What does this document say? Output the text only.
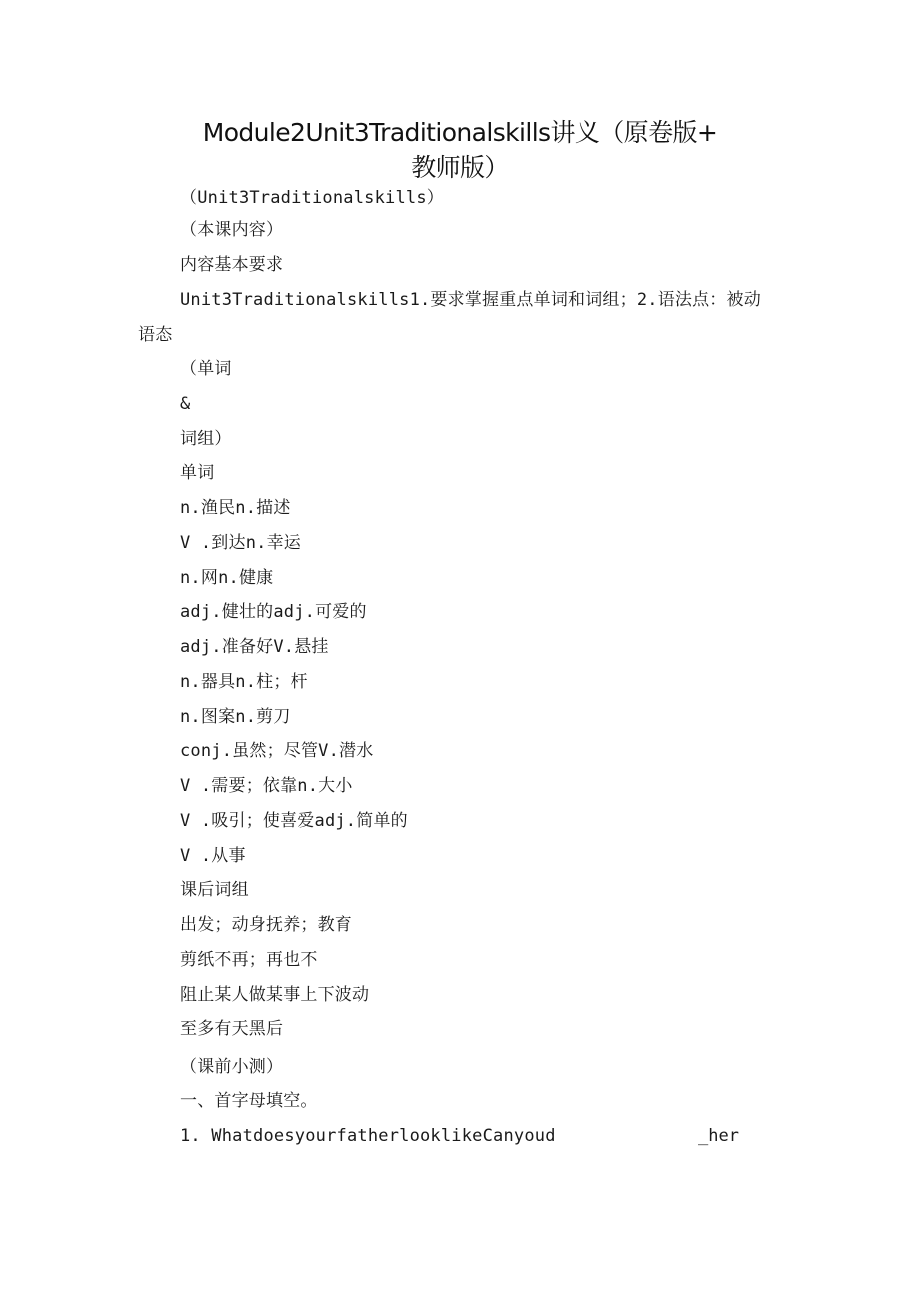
Module2Unit3Traditionalskills讲义（原卷版+
教师版）
（Unit3Traditionalskills）
（本课内容）
内容基本要求
Unit3Traditionalskills1.要求掌握重点单词和词组；2.语法点：被动
语态
（单词
&
词组）
单词
n.渔民n.描述
V .到达n.幸运
n.网n.健康
adj.健壮的adj.可爱的
adj.准备好V.悬挂
n.器具n.柱；杆
n.图案n.剪刀
conj.虽然；尽管V.潜水
V .需要；依靠n.大小
V .吸引；使喜爱adj.简单的
V .从事
课后词组
出发；动身抚养；教育
剪纸不再；再也不
阻止某人做某事上下波动
至多有天黑后
（课前小测）
一、首字母填空。
1. WhatdoesyourfatherlooklikeCanyoud	_her
